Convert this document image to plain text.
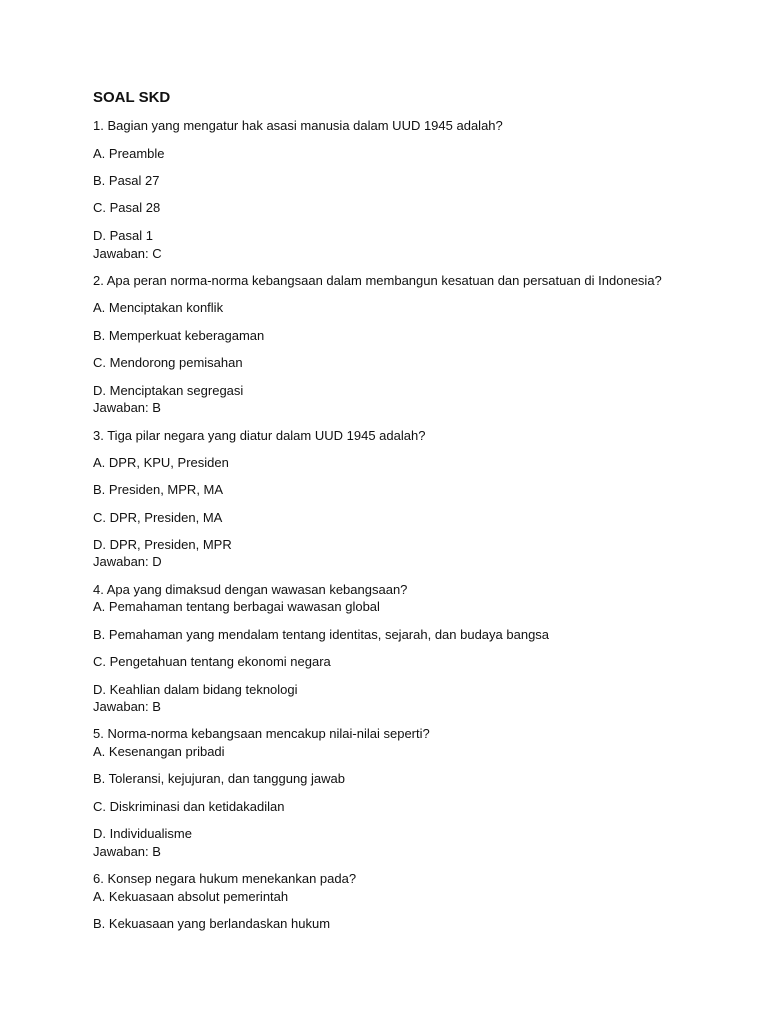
SOAL SKD
1. Bagian yang mengatur hak asasi manusia dalam UUD 1945 adalah?
A. Preamble
B. Pasal 27
C. Pasal 28
D. Pasal 1
Jawaban: C
2. Apa peran norma-norma kebangsaan dalam membangun kesatuan dan persatuan di Indonesia?
A. Menciptakan konflik
B. Memperkuat keberagaman
C. Mendorong pemisahan
D. Menciptakan segregasi
Jawaban: B
3. Tiga pilar negara yang diatur dalam UUD 1945 adalah?
A. DPR, KPU, Presiden
B. Presiden, MPR, MA
C. DPR, Presiden, MA
D. DPR, Presiden, MPR
Jawaban: D
4. Apa yang dimaksud dengan wawasan kebangsaan?
A. Pemahaman tentang berbagai wawasan global
B. Pemahaman yang mendalam tentang identitas, sejarah, dan budaya bangsa
C. Pengetahuan tentang ekonomi negara
D. Keahlian dalam bidang teknologi
Jawaban: B
5. Norma-norma kebangsaan mencakup nilai-nilai seperti?
A. Kesenangan pribadi
B. Toleransi, kejujuran, dan tanggung jawab
C. Diskriminasi dan ketidakadilan
D. Individualisme
Jawaban: B
6. Konsep negara hukum menekankan pada?
A. Kekuasaan absolut pemerintah
B. Kekuasaan yang berlandaskan hukum
